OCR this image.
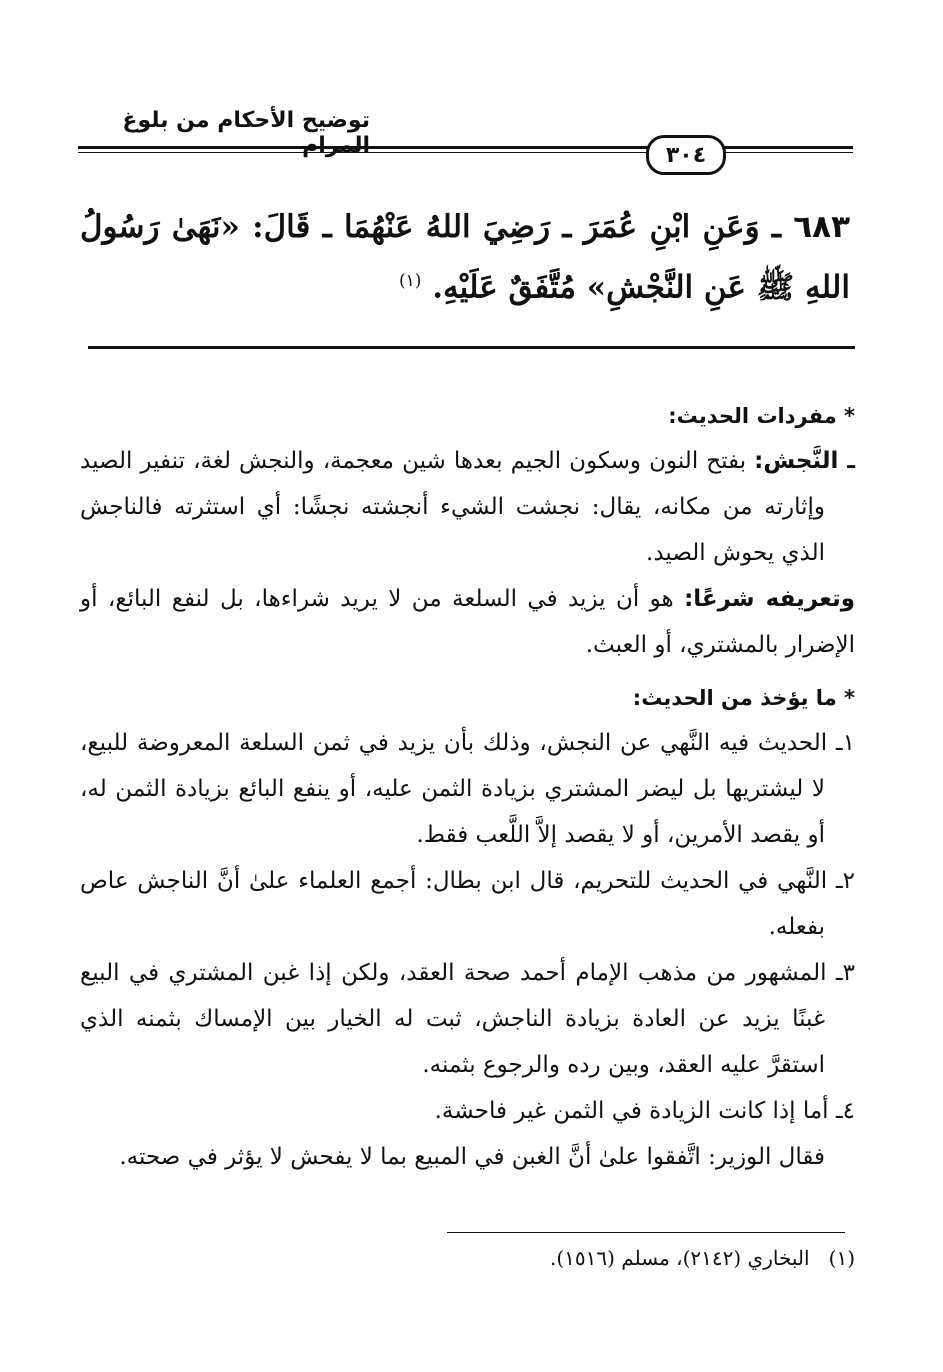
توضيح الأحكام من بلوغ
٣٠٤
٦٨٣ ـ وَعَنِ ابْنِ عُمَرَ ـ رَضِيَ اللهُ عَنْهُمَا ـ قَالَ: «نَهَىٰ رَسُولُ اللهِ ﷺ عَنِ النَّجْشِ» مُتَّفَقٌ عَلَيْهِ. $^{(١)}$
* مفردات الحديث:

ـ النَّجش: بفتح النون وسكون الجيم بعدها شين معجمة، والنجش لغة، تنفير الصيد وإثارته من مكانه، يقال: نجشت الشيء أنجشته نجشًا: أي استثرته فالناجش الذي يحوش الصيد.

وتعريفه شرعًا: هو أن يزيد في السلعة من لا يريد شراءها، بل لنفع البائع، أو الإضرار بالمشتري، أو العبث.

* ما يؤخذ من الحديث:

١ـ الحديث فيه النَّهي عن النجش، وذلك بأن يزيد في ثمن السلعة المعروضة للبيع، لا ليشتريها بل ليضر المشتري بزيادة الثمن عليه، أو ينفع البائع بزيادة الثمن له، أو يقصد الأمرين، أو لا يقصد إلاَّ اللَّعب فقط.

٢ـ النَّهي في الحديث للتحريم، قال ابن بطال: أجمع العلماء علىٰ أنَّ الناجش عاص بفعله.

٣ـ المشهور من مذهب الإمام أحمد صحة العقد، ولكن إذا غبن المشتري في البيع غبنًا يزيد عن العادة بزيادة الناجش، ثبت له الخيار بين الإمساك بثمنه الذي استقرَّ عليه العقد، وبين رده والرجوع بثمنه.

٤ـ أما إذا كانت الزيادة في الثمن غير فاحشة.

فقال الوزير: اتَّفقوا علىٰ أنَّ الغبن في المبيع بما لا يفحش لا يؤثر في صحته.

(١)   البخاري (٢١٤٢)، مسلم (١٥١٦).
